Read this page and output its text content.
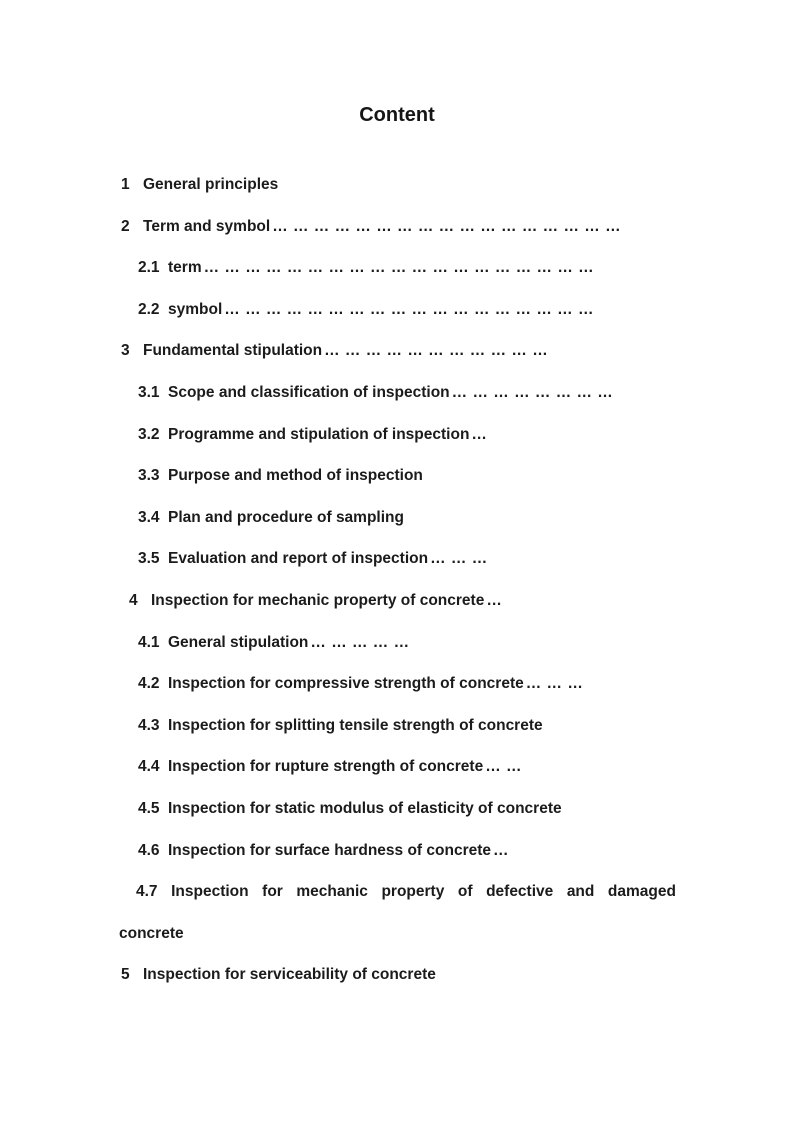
Content
1 General principles
2 Term and symbol … … … … … … … … … … … … … … … … …
2.1 term … … … … … … … … … … … … … … … … … … …
2.2 symbol … … … … … … … … … … … … … … … … … …
3 Fundamental stipulation … … … … … … … … … … …
3.1 Scope and classification of inspection … … … … … … … …
3.2 Programme and stipulation of inspection …
3.3 Purpose and method of inspection
3.4 Plan and procedure of sampling
3.5 Evaluation and report of inspection … … …
4 Inspection for mechanic property of concrete …
4.1 General stipulation … … … … …
4.2 Inspection for compressive strength of concrete … … …
4.3 Inspection for splitting tensile strength of concrete
4.4 Inspection for rupture strength of concrete … …
4.5 Inspection for static modulus of elasticity of concrete
4.6 Inspection for surface hardness of concrete …
4.7 Inspection for mechanic property of defective and damaged
concrete
5 Inspection for serviceability of concrete
